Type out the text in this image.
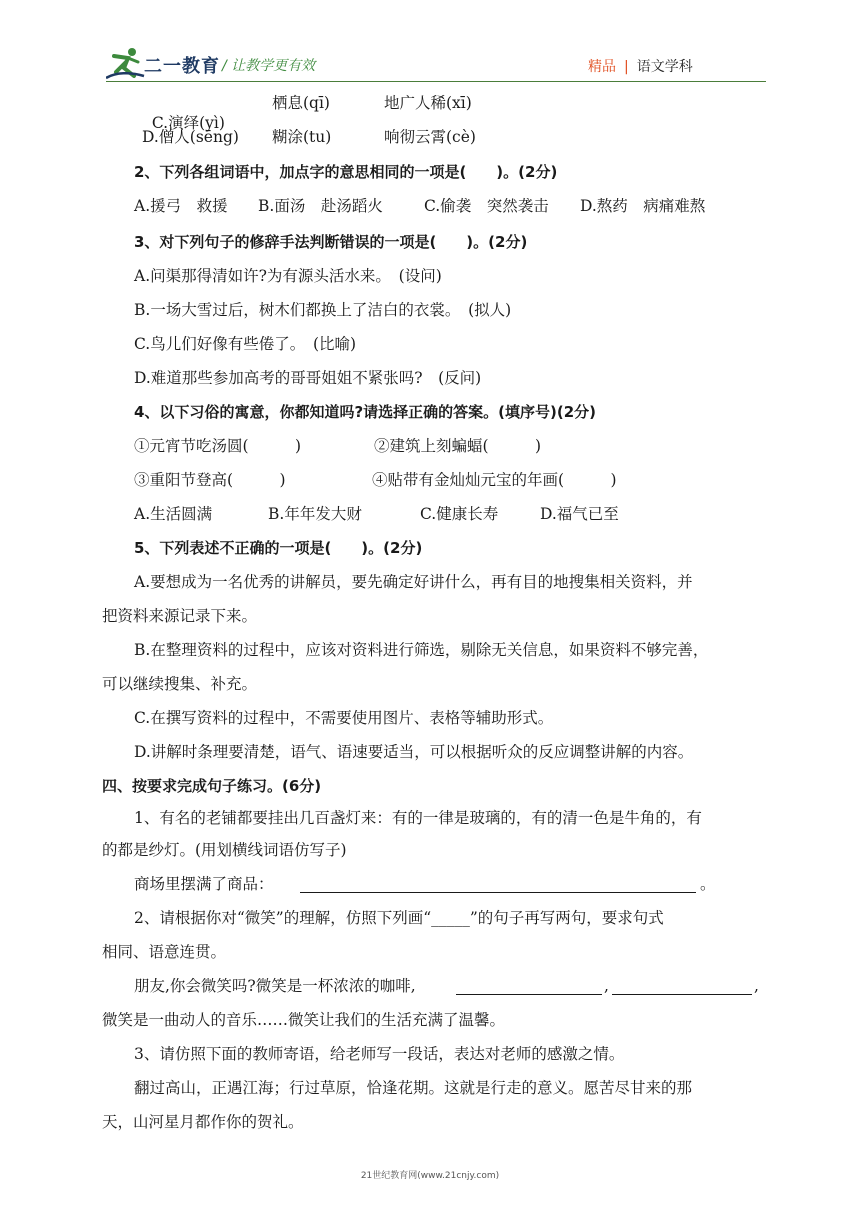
二一教育 / 让教学更有效	精品 | 语文学科

C.演绎(yì)

栖息(qī)	地广人稀(xī)
D.僧人(sēng) 糊涂(tu)	响彻云霄(cè)
2、下列各组词语中，加点字的意思相同的一项是(　　)。(2分)
A.援弓　救援 B.面汤　赴汤蹈火	C.偷袭　突然袭击 D.熬药　病痛难熬
3、对下列句子的修辞手法判断错误的一项是(　　)。(2分)
A.问渠那得清如许?为有源头活水来。　(设问)
B.一场大雪过后，树木们都换上了洁白的衣裳。　(拟人)
C.鸟儿们好像有些倦了。　(比喻)
D.难道那些参加高考的哥哥姐姐不紧张吗?　(反问)
4、以下习俗的寓意，你都知道吗?请选择正确的答案。(填序号)(2分)
①元宵节吃汤圆(　　　)	②建筑上刻蝙蝠(　　　)
③重阳节登高(　　　)	④贴带有金灿灿元宝的年画(　　　)
A.生活圆满	B.年年发大财	C.健康长寿	D.福气已至
5、下列表述不正确的一项是(　　)。(2分)
A.要想成为一名优秀的讲解员，要先确定好讲什么，再有目的地搜集相关资料，并
把资料来源记录下来。
B.在整理资料的过程中，应该对资料进行筛选，剔除无关信息，如果资料不够完善，
可以继续搜集、补充。
C.在撰写资料的过程中，不需要使用图片、表格等辅助形式。
D.讲解时条理要清楚，语气、语速要适当，可以根据听众的反应调整讲解的内容。
四、按要求完成句子练习。(6分)
1、有名的老铺都要挂出几百盏灯来：有的一律是玻璃的，有的清一色是牛角的，有
的都是纱灯。(用划横线词语仿写子)
商场里摆满了商品：	。
2、请根据你对“微笑”的理解，仿照下列画“_____”的句子再写两句，要求句式
相同、语意连贯。
朋友,你会微笑吗?微笑是一杯浓浓的咖啡,	,	,
微笑是一曲动人的音乐……微笑让我们的生活充满了温馨。
3、请仿照下面的教师寄语，给老师写一段话，表达对老师的感激之情。
翻过高山，正遇江海；行过草原，恰逢花期。这就是行走的意义。愿苦尽甘来的那
天，山河星月都作你的贺礼。
21世纪教育网(www.21cnjy.com)
